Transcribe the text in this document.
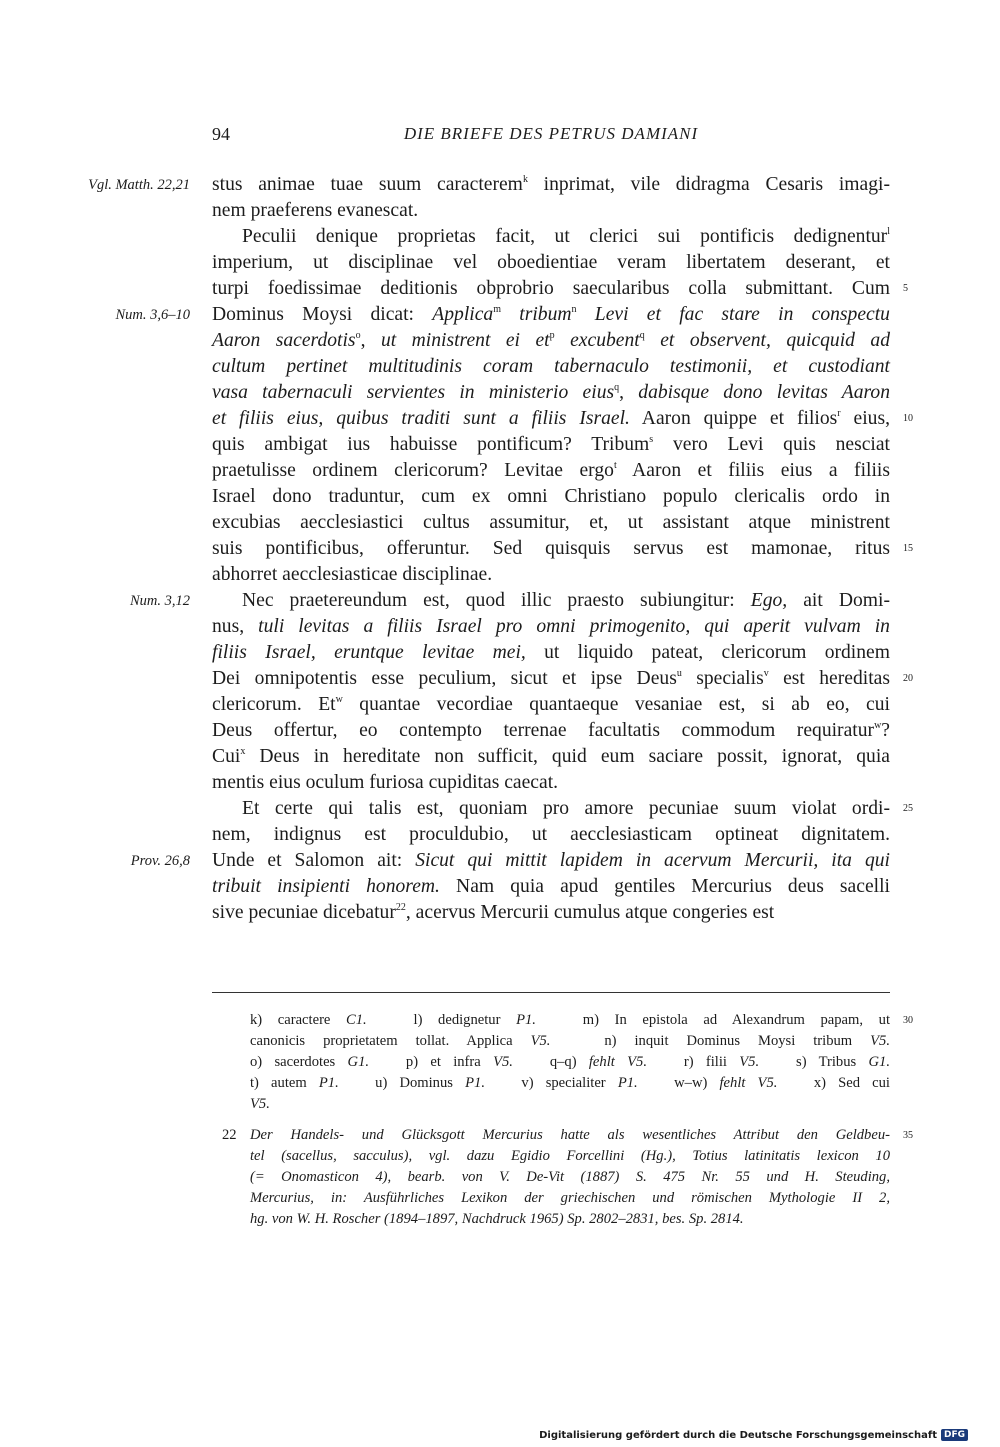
94	DIE BRIEFE DES PETRUS DAMIANI
stus animae tuae suum caracterem$^k$ inprimat, vile didragma Cesaris imagi-
nem praeferens evanescat.
Peculii denique proprietas facit, ut clerici sui pontificis dedignentur$^l$
imperium, ut disciplinae vel oboedientiae veram libertatem deserant, et
turpi foedissimae deditionis obprobrio saecularibus colla submittant. Cum
Dominus Moysi dicat: Applica$^m$ tribum$^n$ Levi et fac stare in conspectu
Aaron sacerdotis$^o$, ut ministrent ei $et^p$ excubent$^q$ et observent, quicquid ad
cultum pertinet multitudinis coram tabernaculo testimonii, et custodiant
vasa tabernaculi servientes in ministerio eius$^q$, dabisque dono levitas Aaron
et filiis eius, quibus traditi sunt a filiis Israel. Aaron quippe et filios$^r$ eius,
quis ambigat ius habuisse pontificum? Tribum$^s$ vero Levi quis nesciat
praetulisse ordinem clericorum? Levitae ergo$^t$ Aaron et filiis eius a filiis
Israel dono traduntur, cum ex omni Christiano populo clericalis ordo in
excubias aecclesiastici cultus assumitur, et, ut assistant atque ministrent
suis pontificibus, offeruntur. Sed quisquis servus est mamonae, ritus
abhorret aecclesiasticae disciplinae.
Nec praetereundum est, quod illic praesto subiungitur: Ego, ait Domi-
nus, tuli levitas a filiis Israel pro omni primogenito, qui aperit vulvam in
filiis Israel, eruntque levitae mei, ut liquido pateat, clericorum ordinem
Dei omnipotentis esse peculium, sicut et ipse Deus$^u$ specialis$^v$ est hereditas
clericorum. Et$^w$ quantae vecordiae quantaeque vesaniae est, si ab eo, cui
Deus offertur, eo contempto terrenae facultatis commodum requiratur$^w$?
Cui$^x$ Deus in hereditate non sufficit, quid eum saciare possit, ignorat, quia
mentis eius oculum furiosa cupiditas caecat.
Et certe qui talis est, quoniam pro amore pecuniae suum violat ordi-
nem, indignus est proculdubio, ut aecclesiasticam optineat dignitatem.
Unde et Salomon ait: Sicut qui mittit lapidem in acervum Mercurii, ita qui
tribuit insipienti honorem. Nam quia apud gentiles Mercurius deus sacelli
sive pecuniae dicebatur$^{22}$, acervus Mercurii cumulus atque congeries est
Vgl. Matth. 22,21
Num. 3,6–10
Num. 3,12
Prov. 26,8
5
10
15
20
25
k) caractere C1.   l) dedignetur P1.   m) In epistola ad Alexandrum papam, ut
canonicis proprietatem tollat. Applica V5.   n) inquit Dominus Moysi tribum V5.
o) sacerdotes G1.   p) et infra V5.   q–q) fehlt V5.   r) filii V5.   s) Tribus G1.
t) autem P1.   u) Dominus P1.   v) specialiter P1.   w–w) fehlt V5.   x) Sed cui
V5.
Der Handels- und Glücksgott Mercurius hatte als wesentliches Attribut den Geldbeu-
tel (sacellus, sacculus), vgl. dazu Egidio Forcellini (Hg.), Totius latinitatis lexicon 10
(= Onomasticon 4), bearb. von V. De-Vit (1887) S. 475 Nr. 55 und H. Steuding,
Mercurius, in: Ausführliches Lexikon der griechischen und römischen Mythologie II 2,
hg. von W. H. Roscher (1894–1897, Nachdruck 1965) Sp. 2802–2831, bes. Sp. 2814.
22
30
35
Digitalisierung gefördert durch die Deutsche Forschungsgemeinschaft DFG
